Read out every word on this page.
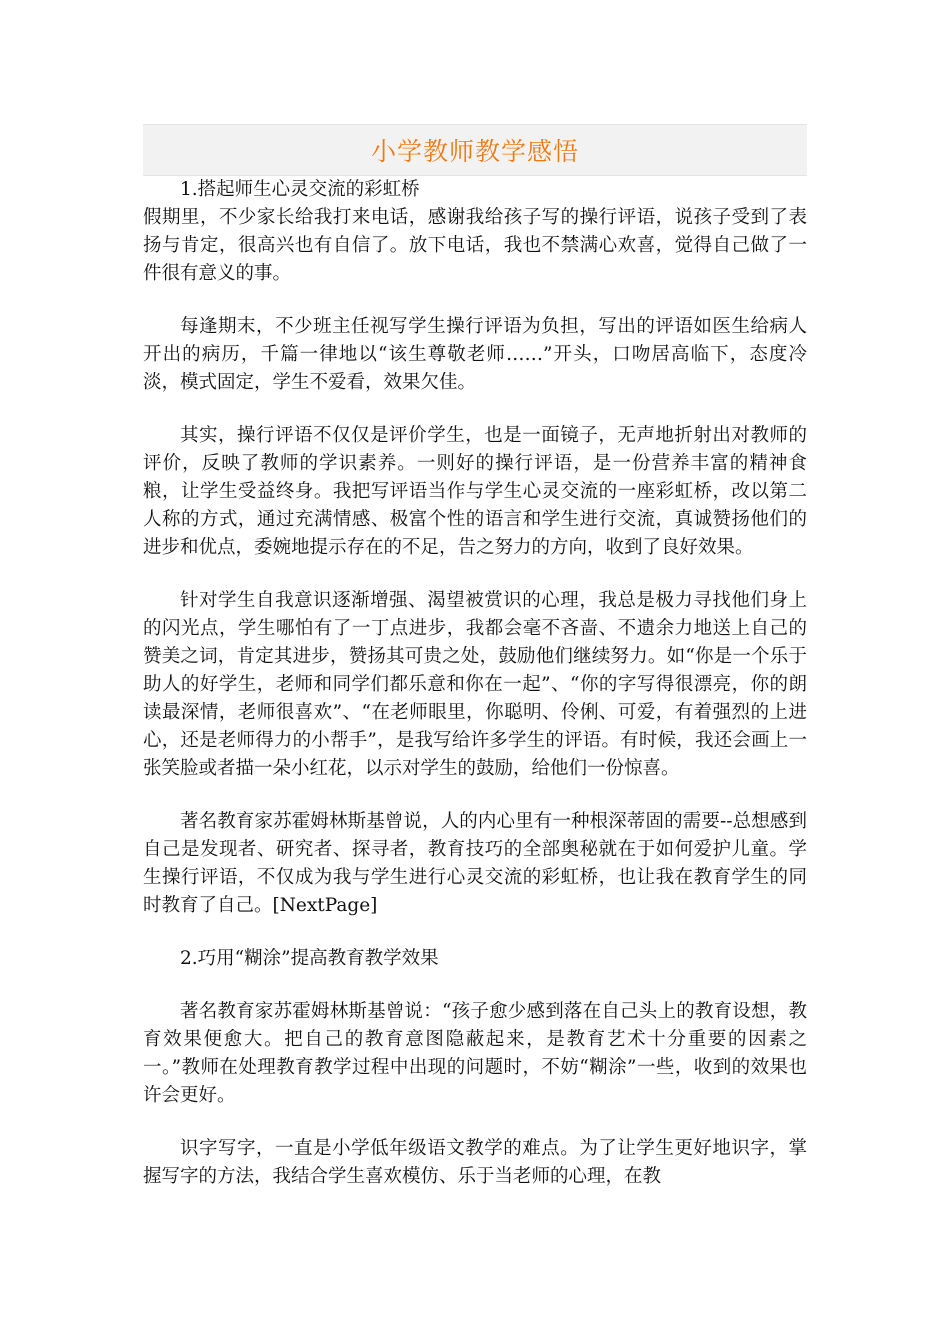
小学教师教学感悟

1.搭起师生心灵交流的彩虹桥

假期里，不少家长给我打来电话，感谢我给孩子写的操行评语，说孩子受到了表扬与肯定，很高兴也有自信了。放下电话，我也不禁满心欢喜，觉得自己做了一件很有意义的事。

每逢期末，不少班主任视写学生操行评语为负担，写出的评语如医生给病人开出的病历，千篇一律地以“该生尊敬老师……”开头，口吻居高临下，态度冷淡，模式固定，学生不爱看，效果欠佳。

其实，操行评语不仅仅是评价学生，也是一面镜子，无声地折射出对教师的评价，反映了教师的学识素养。一则好的操行评语，是一份营养丰富的精神食粮，让学生受益终身。我把写评语当作与学生心灵交流的一座彩虹桥，改以第二人称的方式，通过充满情感、极富个性的语言和学生进行交流，真诚赞扬他们的进步和优点，委婉地提示存在的不足，告之努力的方向，收到了良好效果。

针对学生自我意识逐渐增强、渴望被赏识的心理，我总是极力寻找他们身上的闪光点，学生哪怕有了一丁点进步，我都会毫不吝啬、不遗余力地送上自己的赞美之词，肯定其进步，赞扬其可贵之处，鼓励他们继续努力。如“你是一个乐于助人的好学生，老师和同学们都乐意和你在一起”、“你的字写得很漂亮，你的朗读最深情，老师很喜欢”、“在老师眼里，你聪明、伶俐、可爱，有着强烈的上进心，还是老师得力的小帮手”，是我写给许多学生的评语。有时候，我还会画上一张笑脸或者描一朵小红花，以示对学生的鼓励，给他们一份惊喜。

著名教育家苏霍姆林斯基曾说，人的内心里有一种根深蒂固的需要--总想感到自己是发现者、研究者、探寻者，教育技巧的全部奥秘就在于如何爱护儿童。学生操行评语，不仅成为我与学生进行心灵交流的彩虹桥，也让我在教育学生的同时教育了自己。[NextPage]

2.巧用“糊涂”提高教育教学效果

著名教育家苏霍姆林斯基曾说：“孩子愈少感到落在自己头上的教育设想，教育效果便愈大。把自己的教育意图隐蔽起来，是教育艺术十分重要的因素之一。”教师在处理教育教学过程中出现的问题时，不妨“糊涂”一些，收到的效果也许会更好。

识字写字，一直是小学低年级语文教学的难点。为了让学生更好地识字，掌握写字的方法，我结合学生喜欢模仿、乐于当老师的心理，在教
